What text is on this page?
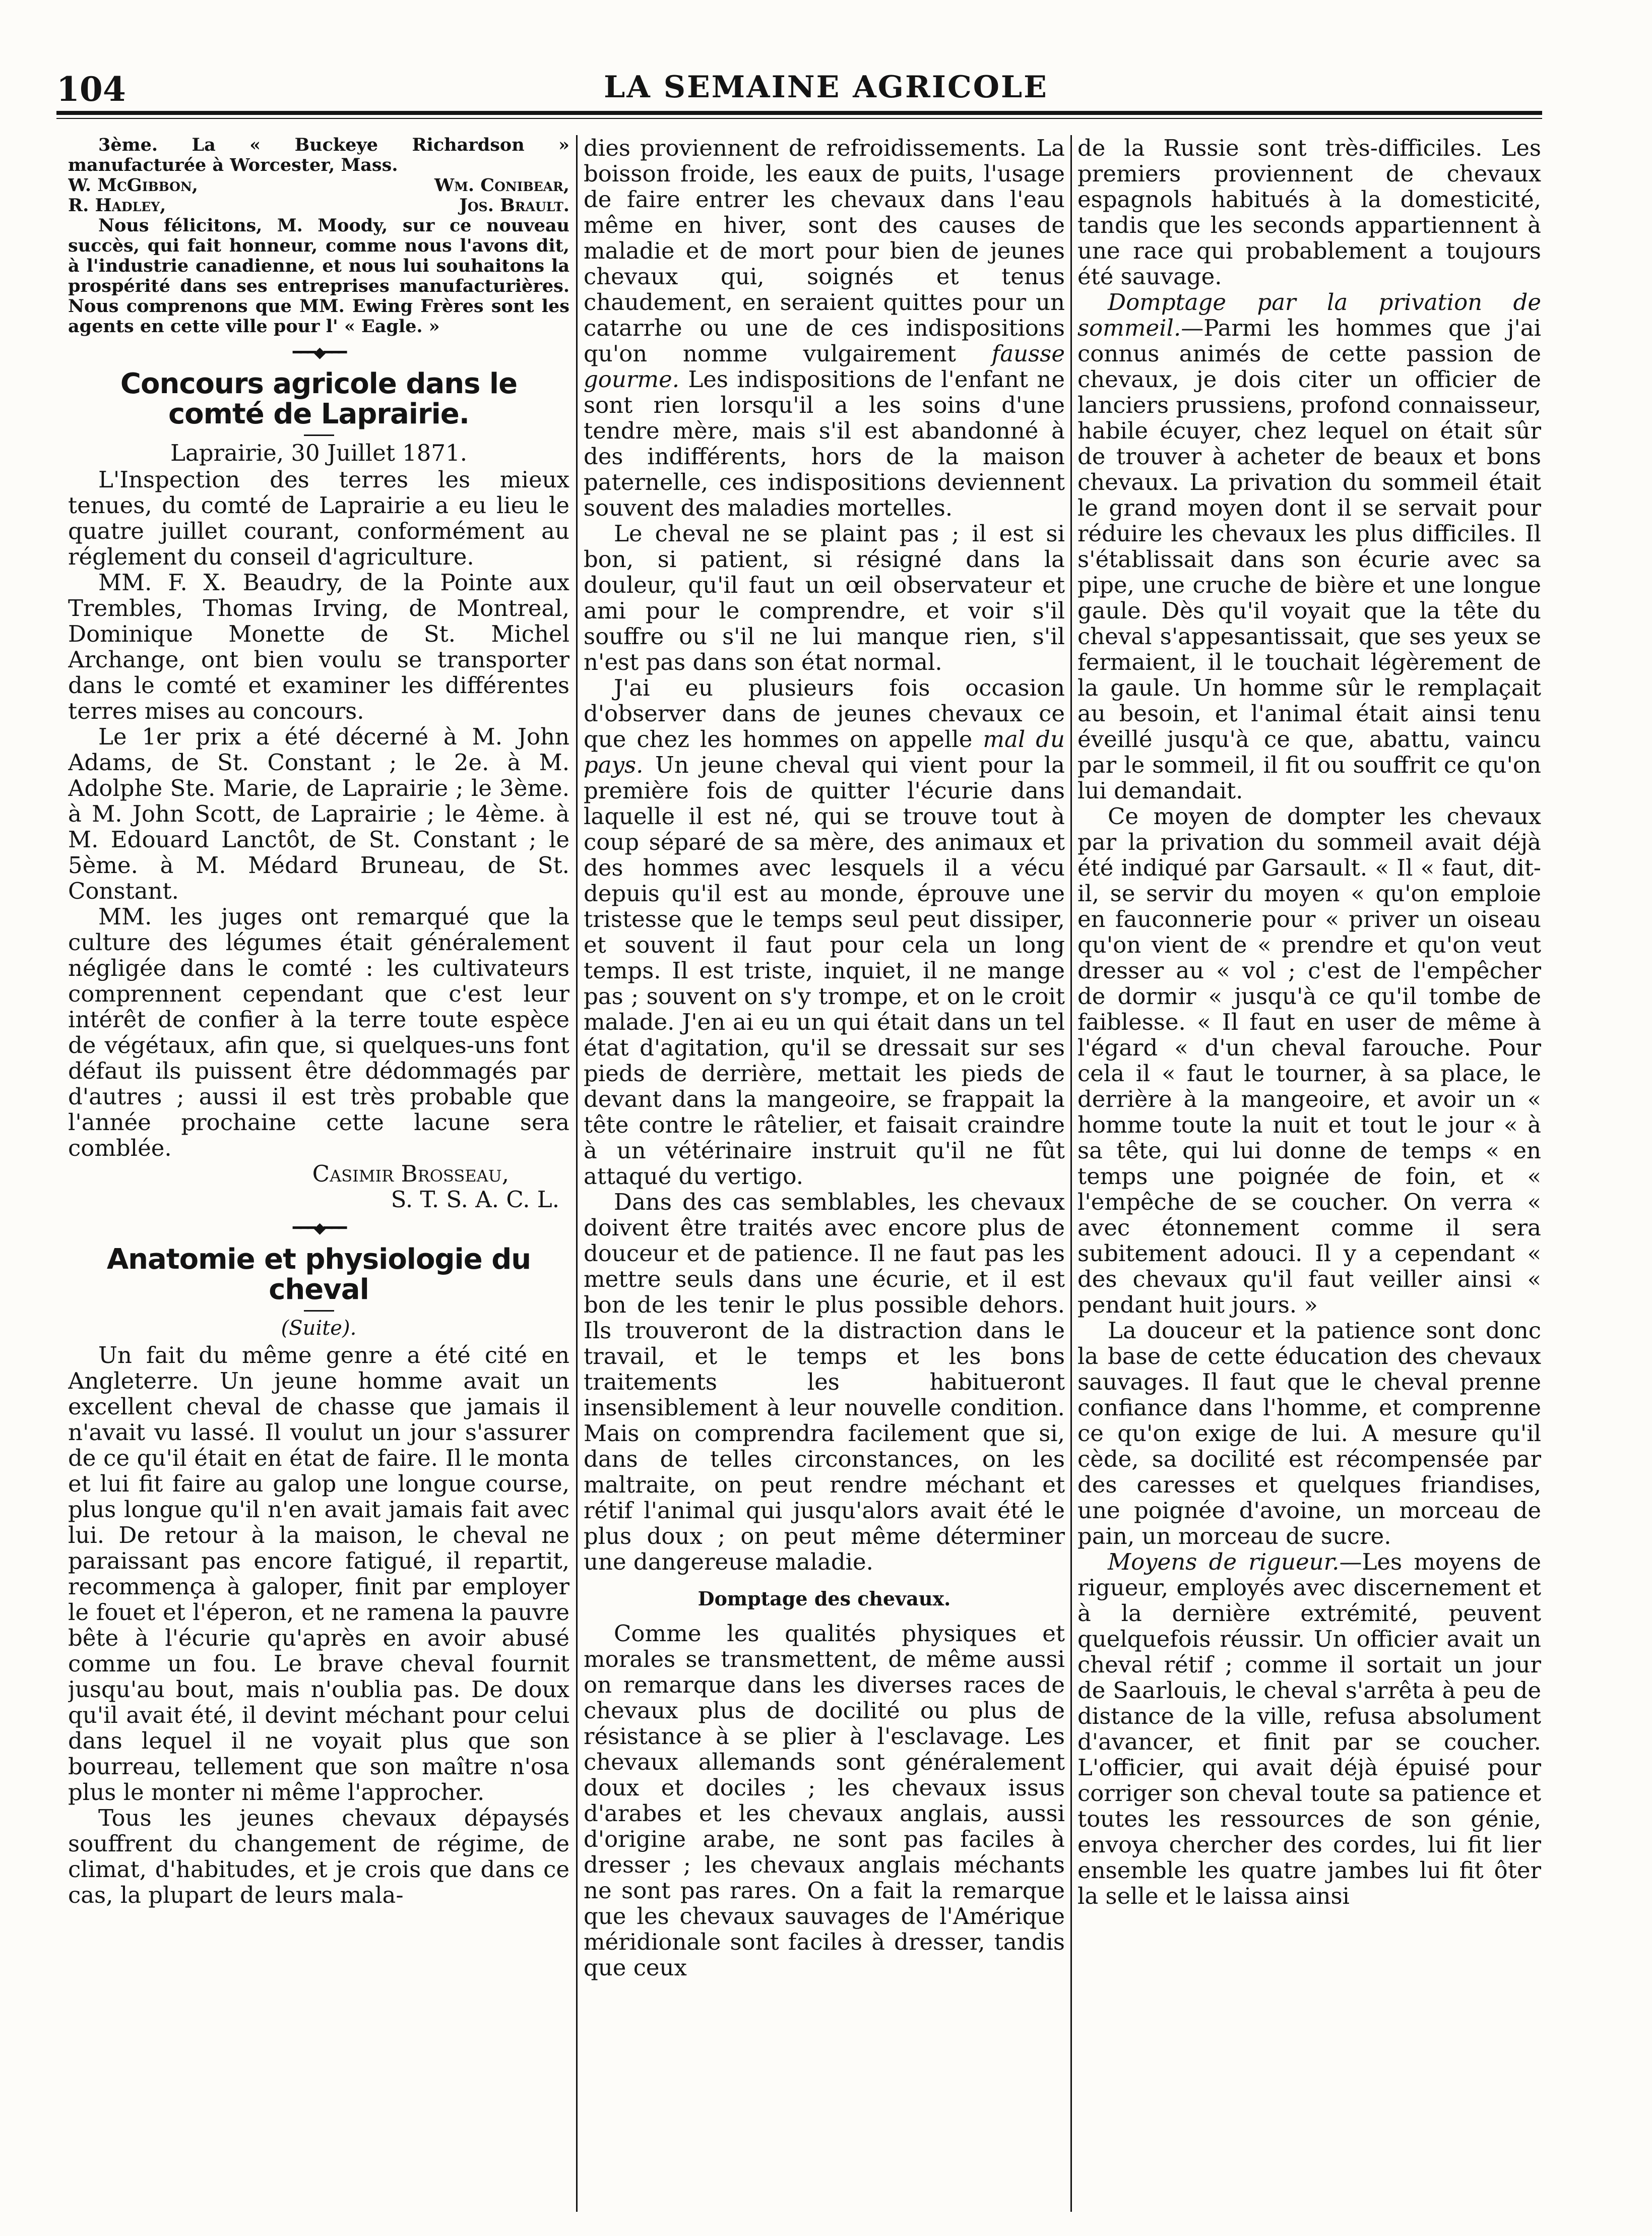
104	LA SEMAINE AGRICOLE

3ème. La « Buckeye Richardson » manufacturée à Worcester, Mass.

W. McGibbon,	Wm. Conibear,
R. Hadley,	Jos. Brault.

Nous félicitons, M. Moody, sur ce nouveau succès, qui fait honneur, comme nous l'avons dit, à l'industrie canadienne, et nous lui souhaitons la prospérité dans ses entreprises manufacturières. Nous comprenons que MM. Ewing Frères sont les agents en cette ville pour l' « Eagle. »

━━━◆━━━
Concours agricole dans le comté de Laprairie.
Laprairie, 30 Juillet 1871.

L'Inspection des terres les mieux tenues, du comté de Laprairie a eu lieu le quatre juillet courant, conformément au réglement du conseil d'agriculture.

MM. F. X. Beaudry, de la Pointe aux Trembles, Thomas Irving, de Montreal, Dominique Monette de St. Michel Archange, ont bien voulu se transporter dans le comté et examiner les différentes terres mises au concours.

Le 1er prix a été décerné à M. John Adams, de St. Constant ; le 2e. à M. Adolphe Ste. Marie, de Laprairie ; le 3ème. à M. John Scott, de Laprairie ; le 4ème. à M. Edouard Lanctôt, de St. Constant ; le 5ème. à M. Médard Bruneau, de St. Constant.

MM. les juges ont remarqué que la culture des légumes était généralement négligée dans le comté : les cultivateurs comprennent cependant que c'est leur intérêt de confier à la terre toute espèce de végétaux, afin que, si quelques-uns font défaut ils puissent être dédommagés par d'autres ; aussi il est très probable que l'année prochaine cette lacune sera comblée.

Casimir Brosseau,
S. T. S. A. C. L.
━━━◆━━━
Anatomie et physiologie du cheval
(Suite).

Un fait du même genre a été cité en Angleterre. Un jeune homme avait un excellent cheval de chasse que jamais il n'avait vu lassé. Il voulut un jour s'assurer de ce qu'il était en état de faire. Il le monta et lui fit faire au galop une longue course, plus longue qu'il n'en avait jamais fait avec lui. De retour à la maison, le cheval ne paraissant pas encore fatigué, il repartit, recommença à galoper, finit par employer le fouet et l'éperon, et ne ramena la pauvre bête à l'écurie qu'après en avoir abusé comme un fou. Le brave cheval fournit jusqu'au bout, mais n'oublia pas. De doux qu'il avait été, il devint méchant pour celui dans lequel il ne voyait plus que son bourreau, tellement que son maître n'osa plus le monter ni même l'approcher.

Tous les jeunes chevaux dépaysés souffrent du changement de régime, de climat, d'habitudes, et je crois que dans ce cas, la plupart de leurs mala-

dies proviennent de refroidissements. La boisson froide, les eaux de puits, l'usage de faire entrer les chevaux dans l'eau même en hiver, sont des causes de maladie et de mort pour bien de jeunes chevaux qui, soignés et tenus chaudement, en seraient quittes pour un catarrhe ou une de ces indispositions qu'on nomme vulgairement fausse gourme. Les indispositions de l'enfant ne sont rien lorsqu'il a les soins d'une tendre mère, mais s'il est abandonné à des indifférents, hors de la maison paternelle, ces indispositions deviennent souvent des maladies mortelles.

Le cheval ne se plaint pas ; il est si bon, si patient, si résigné dans la douleur, qu'il faut un œil observateur et ami pour le comprendre, et voir s'il souffre ou s'il ne lui manque rien, s'il n'est pas dans son état normal.

J'ai eu plusieurs fois occasion d'observer dans de jeunes chevaux ce que chez les hommes on appelle mal du pays. Un jeune cheval qui vient pour la première fois de quitter l'écurie dans laquelle il est né, qui se trouve tout à coup séparé de sa mère, des animaux et des hommes avec lesquels il a vécu depuis qu'il est au monde, éprouve une tristesse que le temps seul peut dissiper, et souvent il faut pour cela un long temps. Il est triste, inquiet, il ne mange pas ; souvent on s'y trompe, et on le croit malade. J'en ai eu un qui était dans un tel état d'agitation, qu'il se dressait sur ses pieds de derrière, mettait les pieds de devant dans la mangeoire, se frappait la tête contre le râtelier, et faisait craindre à un vétérinaire instruit qu'il ne fût attaqué du vertigo.

Dans des cas semblables, les chevaux doivent être traités avec encore plus de douceur et de patience. Il ne faut pas les mettre seuls dans une écurie, et il est bon de les tenir le plus possible dehors. Ils trouveront de la distraction dans le travail, et le temps et les bons traitements les habitueront insensiblement à leur nouvelle condition. Mais on comprendra facilement que si, dans de telles circonstances, on les maltraite, on peut rendre méchant et rétif l'animal qui jusqu'alors avait été le plus doux ; on peut même déterminer une dangereuse maladie.

Domptage des chevaux.

Comme les qualités physiques et morales se transmettent, de même aussi on remarque dans les diverses races de chevaux plus de docilité ou plus de résistance à se plier à l'esclavage. Les chevaux allemands sont généralement doux et dociles ; les chevaux issus d'arabes et les chevaux anglais, aussi d'origine arabe, ne sont pas faciles à dresser ; les chevaux anglais méchants ne sont pas rares. On a fait la remarque que les chevaux sauvages de l'Amérique méridionale sont faciles à dresser, tandis que ceux

de la Russie sont très-difficiles. Les premiers proviennent de chevaux espagnols habitués à la domesticité, tandis que les seconds appartiennent à une race qui probablement a toujours été sauvage.

Domptage par la privation de sommeil.—Parmi les hommes que j'ai connus animés de cette passion de chevaux, je dois citer un officier de lanciers prussiens, profond connaisseur, habile écuyer, chez lequel on était sûr de trouver à acheter de beaux et bons chevaux. La privation du sommeil était le grand moyen dont il se servait pour réduire les chevaux les plus difficiles. Il s'établissait dans son écurie avec sa pipe, une cruche de bière et une longue gaule. Dès qu'il voyait que la tête du cheval s'appesantissait, que ses yeux se fermaient, il le touchait légèrement de la gaule. Un homme sûr le remplaçait au besoin, et l'animal était ainsi tenu éveillé jusqu'à ce que, abattu, vaincu par le sommeil, il fit ou souffrit ce qu'on lui demandait.

Ce moyen de dompter les chevaux par la privation du sommeil avait déjà été indiqué par Garsault. « Il « faut, dit-il, se servir du moyen « qu'on emploie en fauconnerie pour « priver un oiseau qu'on vient de « prendre et qu'on veut dresser au « vol ; c'est de l'empêcher de dormir « jusqu'à ce qu'il tombe de faiblesse. « Il faut en user de même à l'égard « d'un cheval farouche. Pour cela il « faut le tourner, à sa place, le derrière à la mangeoire, et avoir un « homme toute la nuit et tout le jour « à sa tête, qui lui donne de temps « en temps une poignée de foin, et « l'empêche de se coucher. On verra « avec étonnement comme il sera subitement adouci. Il y a cependant « des chevaux qu'il faut veiller ainsi « pendant huit jours. »

La douceur et la patience sont donc la base de cette éducation des chevaux sauvages. Il faut que le cheval prenne confiance dans l'homme, et comprenne ce qu'on exige de lui. A mesure qu'il cède, sa docilité est récompensée par des caresses et quelques friandises, une poignée d'avoine, un morceau de pain, un morceau de sucre.

Moyens de rigueur.—Les moyens de rigueur, employés avec discernement et à la dernière extrémité, peuvent quelquefois réussir. Un officier avait un cheval rétif ; comme il sortait un jour de Saarlouis, le cheval s'arrêta à peu de distance de la ville, refusa absolument d'avancer, et finit par se coucher. L'officier, qui avait déjà épuisé pour corriger son cheval toute sa patience et toutes les ressources de son génie, envoya chercher des cordes, lui fit lier ensemble les quatre jambes lui fit ôter la selle et le laissa ainsi
